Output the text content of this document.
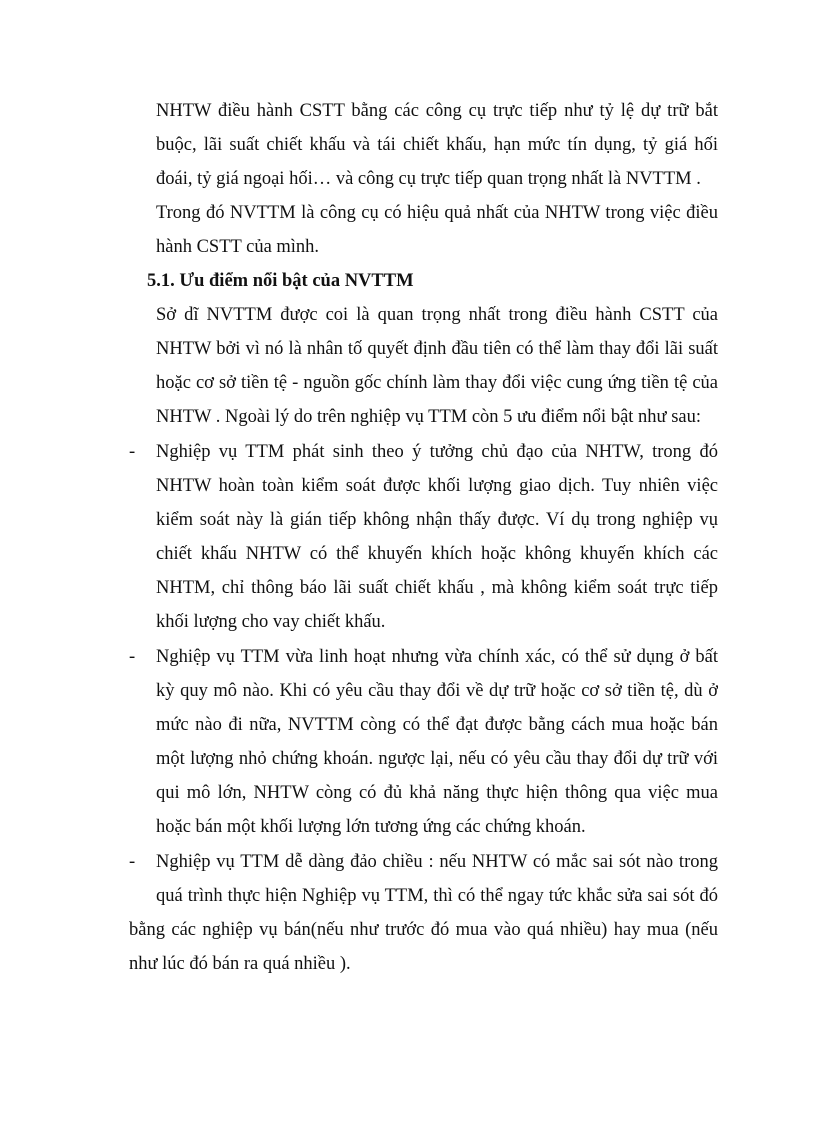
NHTW điều hành CSTT bằng các công cụ trực tiếp như tỷ lệ dự trữ bắt
buộc, lãi suất chiết khấu và tái chiết khấu, hạn mức tín dụng, tỷ giá hối
đoái, tỷ giá ngoại hối… và công cụ trực tiếp quan trọng nhất là NVTTM .
Trong đó NVTTM là công cụ có hiệu quả nhất của NHTW trong việc điều
hành CSTT của mình.
5.1. Ưu điểm nổi bật của NVTTM
Sở dĩ NVTTM được coi là quan trọng nhất trong điều hành CSTT của
NHTW bởi vì nó là nhân tố quyết định đầu tiên có thể làm thay đổi lãi suất
hoặc cơ sở tiền tệ - nguồn gốc chính làm thay đổi việc cung ứng tiền tệ của
NHTW . Ngoài lý do trên nghiệp vụ TTM còn 5 ưu điểm nổi bật như sau:
- Nghiệp vụ TTM phát sinh theo ý tưởng chủ đạo của NHTW, trong đó
NHTW hoàn toàn kiểm soát được khối lượng giao dịch. Tuy nhiên việc
kiểm soát này là gián tiếp không nhận thấy được. Ví dụ trong nghiệp vụ
chiết khấu NHTW có thể khuyến khích hoặc không khuyến khích các
NHTM, chỉ thông báo lãi suất chiết khấu , mà không kiểm soát trực tiếp
khối lượng cho vay chiết khấu.
- Nghiệp vụ TTM vừa linh hoạt nhưng vừa chính xác, có thể sử dụng ở bất
kỳ quy mô nào. Khi có yêu cầu thay đổi về dự trữ hoặc cơ sở tiền tệ, dù ở
mức nào đi nữa, NVTTM còng có thể đạt được bằng cách mua hoặc bán
một lượng nhỏ chứng khoán. ngược lại, nếu có yêu cầu thay đổi dự trữ với
qui mô lớn, NHTW còng có đủ khả năng thực hiện thông qua việc mua
hoặc bán một khối lượng lớn tương ứng các chứng khoán.
- Nghiệp vụ TTM dễ dàng đảo chiều : nếu NHTW có mắc sai sót nào trong
quá trình thực hiện Nghiệp vụ TTM, thì có thể ngay tức khắc sửa sai sót đó
bằng các nghiệp vụ bán(nếu như trước đó mua vào quá nhiều) hay mua (nếu
như lúc đó bán ra quá nhiều ).
